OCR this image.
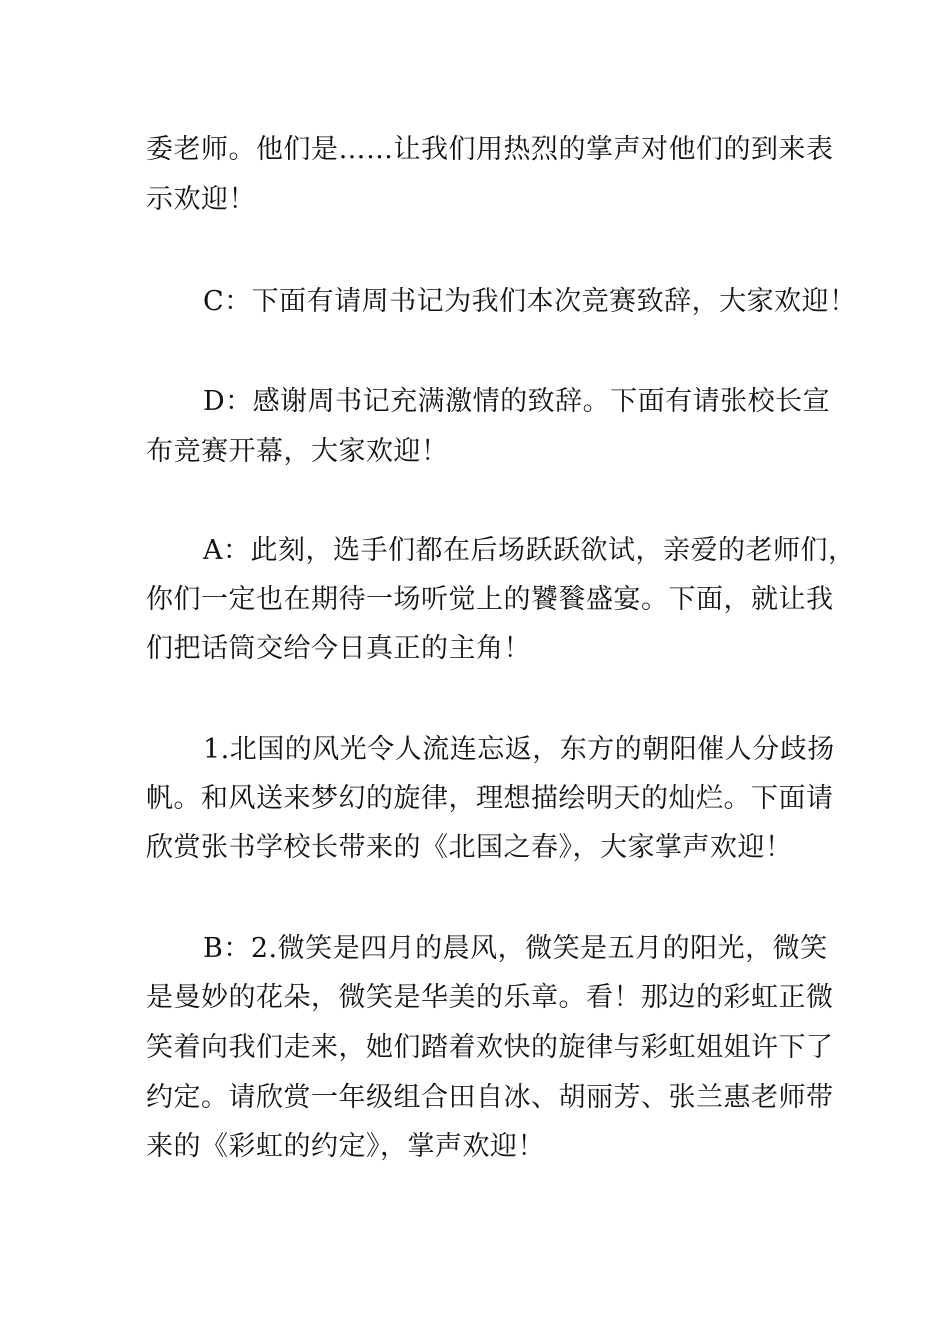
委老师。他们是……让我们用热烈的掌声对他们的到来表
示欢迎！
C：下面有请周书记为我们本次竞赛致辞，大家欢迎！
D：感谢周书记充满激情的致辞。下面有请张校长宣
布竞赛开幕，大家欢迎！
A：此刻，选手们都在后场跃跃欲试，亲爱的老师们，
你们一定也在期待一场听觉上的饕餮盛宴。下面，就让我
们把话筒交给今日真正的主角！
1.北国的风光令人流连忘返，东方的朝阳催人分歧扬
帆。和风送来梦幻的旋律，理想描绘明天的灿烂。下面请
欣赏张书学校长带来的《北国之春》，大家掌声欢迎！
B：2.微笑是四月的晨风，微笑是五月的阳光，微笑
是曼妙的花朵，微笑是华美的乐章。看！那边的彩虹正微
笑着向我们走来，她们踏着欢快的旋律与彩虹姐姐许下了
约定。请欣赏一年级组合田自冰、胡丽芳、张兰惠老师带
来的《彩虹的约定》，掌声欢迎！
